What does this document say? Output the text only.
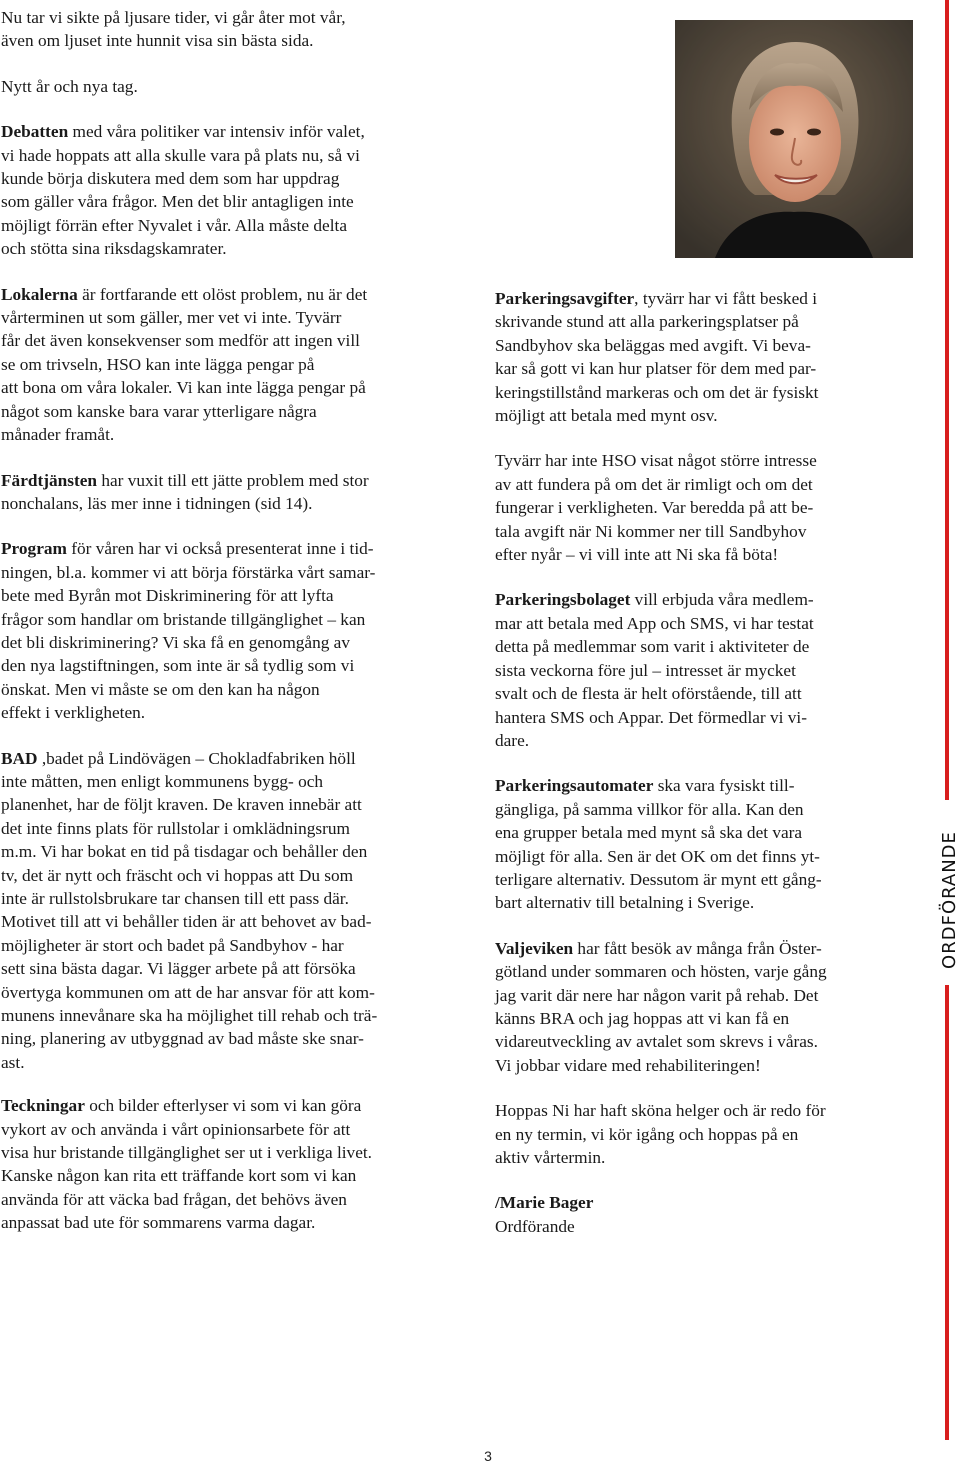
ORDFÖRANDE

Nu tar vi sikte på ljusare tider, vi går åter mot vår,
även om ljuset inte hunnit visa sin bästa sida.

Nytt år och nya tag.

Debatten med våra politiker var intensiv inför valet,
vi hade hoppats att alla skulle vara på plats nu, så vi
kunde börja diskutera med dem som har uppdrag
som gäller våra frågor. Men det blir antagligen inte
möjligt förrän efter Nyvalet i vår. Alla måste delta
och stötta sina riksdagskamrater.

Lokalerna är fortfarande ett olöst problem, nu är det
vårterminen ut som gäller, mer vet vi inte. Tyvärr
får det även konsekvenser som medför att ingen vill
se om trivseln, HSO kan inte lägga pengar på
att bona om våra lokaler. Vi kan inte lägga pengar på
något som kanske bara varar ytterligare några
månader framåt.

Färdtjänsten har vuxit till ett jätte problem med stor
nonchalans, läs mer inne i tidningen (sid 14).

Program för våren har vi också presenterat inne i tid-
ningen, bl.a. kommer vi att börja förstärka vårt samar-
bete med Byrån mot Diskriminering för att lyfta
frågor som handlar om bristande tillgänglighet – kan
det bli diskriminering? Vi ska få en genomgång av
den nya lagstiftningen, som inte är så tydlig som vi
önskat. Men vi måste se om den kan ha någon
effekt i verkligheten.

BAD ,badet på Lindövägen – Chokladfabriken höll
inte måtten, men enligt kommunens bygg- och
planenhet, har de följt kraven. De kraven innebär att
det inte finns plats för rullstolar i omklädningsrum
m.m. Vi har bokat en tid på tisdagar och behåller den
tv, det är nytt och fräscht och vi hoppas att Du som
inte är rullstolsbrukare tar chansen till ett pass där.
Motivet till att vi behåller tiden är att behovet av bad-
möjligheter är stort och badet på Sandbyhov - har
sett sina bästa dagar. Vi lägger arbete på att försöka
övertyga kommunen om att de har ansvar för att kom-
munens innevånare ska ha möjlighet till rehab och trä-
ning, planering av utbyggnad av bad måste ske snar-
ast.

Teckningar och bilder efterlyser vi som vi kan göra
vykort av och använda i vårt opinionsarbete för att
visa hur bristande tillgänglighet ser ut i verkliga livet.
Kanske någon kan rita ett träffande kort som vi kan
använda för att väcka bad frågan, det behövs även
anpassat bad ute för sommarens varma dagar.

Parkeringsavgifter, tyvärr har vi fått besked i
skrivande stund att alla parkeringsplatser på
Sandbyhov ska beläggas med avgift. Vi beva-
kar så gott vi kan hur platser för dem med par-
keringstillstånd markeras och om det är fysiskt
möjligt att betala med mynt osv.

Tyvärr har inte HSO visat något större intresse
av att fundera på om det är rimligt och om det
fungerar i verkligheten. Var beredda på att be-
tala avgift när Ni kommer ner till Sandbyhov
efter nyår – vi vill inte att Ni ska få böta!

Parkeringsbolaget vill erbjuda våra medlem-
mar att betala med App och SMS, vi har testat
detta på medlemmar som varit i aktiviteter de
sista veckorna före jul – intresset är mycket
svalt och de flesta är helt oförstående, till att
hantera SMS och Appar. Det förmedlar vi vi-
dare.

Parkeringsautomater ska vara fysiskt till-
gängliga, på samma villkor för alla. Kan den
ena grupper betala med mynt så ska det vara
möjligt för alla. Sen är det OK om det finns yt-
terligare alternativ. Dessutom är mynt ett gång-
bart alternativ till betalning i Sverige.

Valjeviken har fått besök av många från Öster-
götland under sommaren och hösten, varje gång
jag varit där nere har någon varit på rehab. Det
känns BRA och jag hoppas att vi kan få en
vidareutveckling av avtalet som skrevs i våras.
Vi jobbar vidare med rehabiliteringen!

Hoppas Ni har haft sköna helger och är redo för
en ny termin, vi kör igång och hoppas på en
aktiv vårtermin.

/Marie Bager
Ordförande

3
